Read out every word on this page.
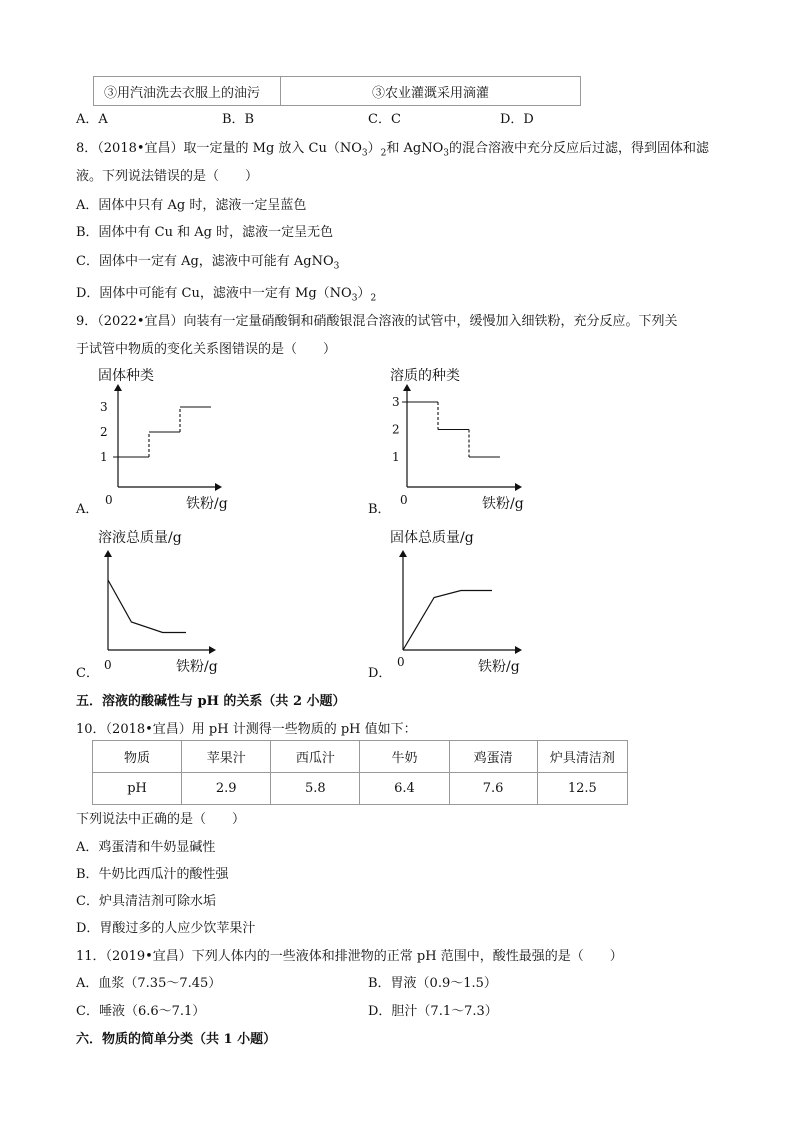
③用汽油洗去衣服上的油污	③农业灌溉采用滴灌
A．A	B．B	C．C	D．D
8．（2018•宜昌）取一定量的 Mg 放入 $Cu(NO_3)_2$和 AgNO$_3$的混合溶液中充分反应后过滤，得到固体和滤
液。下列说法错误的是（　　）
A．固体中只有 Ag 时，滤液一定呈蓝色
B．固体中有 Cu 和 Ag 时，滤液一定呈无色
C．固体中一定有 Ag，滤液中可能有 AgNO$_3$
D．固体中可能有 Cu，滤液中一定有 $Mg(NO_3)_2$
9．（2022•宜昌）向装有一定量硝酸铜和硝酸银混合溶液的试管中，缓慢加入细铁粉，充分反应。下列关
于试管中物质的变化关系图错误的是（　　）
A．
固体种类
铁粉/g
0
1
2
3
B．
溶质的种类
铁粉/g
0
1
2
3
C．
溶液总质量/g
铁粉/g
0
D．
固体总质量/g
铁粉/g
0
五．溶液的酸碱性与 pH 的关系（共 2 小题）
10．（2018•宜昌）用 pH 计测得一些物质的 pH 值如下：
物质	苹果汁	西瓜汁	牛奶	鸡蛋清	炉具清洁剂
pH	2.9	5.8	6.4	7.6	12.5
下列说法中正确的是（　　）
A．鸡蛋清和牛奶显碱性
B．牛奶比西瓜汁的酸性强
C．炉具清洁剂可除水垢
D．胃酸过多的人应少饮苹果汁
11．（2019•宜昌）下列人体内的一些液体和排泄物的正常 pH 范围中，酸性最强的是（　　）
A．血浆（7.35～7.45）	B．胃液（0.9～1.5）
C．唾液（6.6～7.1）	D．胆汁（7.1～7.3）
六．物质的简单分类（共 1 小题）
